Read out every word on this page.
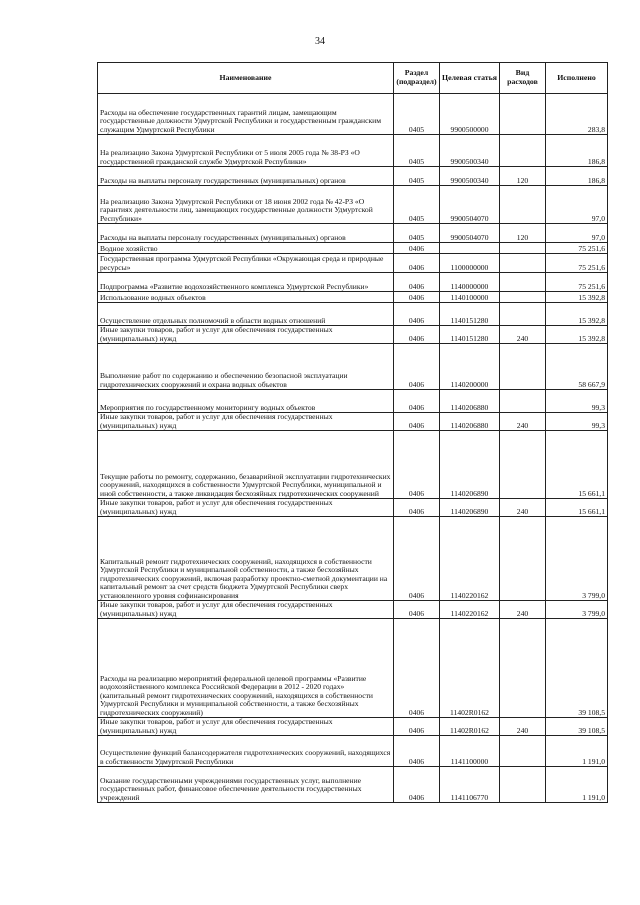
34
Наименование	Раздел (подраздел)	Целевая статья	Вид расходов	Исполнено
Расходы на обеспечение государственных гарантий лицам, замещающим государственные должности Удмуртской Республики и государственным гражданским служащим Удмуртской Республики	0405	9900500000		283,8
На реализацию Закона Удмуртской Республики от 5 июля 2005 года № 38-РЗ «О государственной гражданской службе Удмуртской Республики»	0405	9900500340		186,8
Расходы на выплаты персоналу государственных (муниципальных) органов	0405	9900500340	120	186,8
На реализацию Закона Удмуртской Республики от 18 июня 2002 года № 42-РЗ «О гарантиях деятельности лиц, замещающих государственные должности Удмуртской Республики»	0405	9900504070		97,0
Расходы на выплаты персоналу государственных (муниципальных) органов	0405	9900504070	120	97,0
Водное хозяйство	0406			75 251,6
Государственная программа Удмуртской Республики «Окружающая среда и природные ресурсы»	0406	1100000000		75 251,6
Подпрограмма «Развитие водохозяйственного комплекса Удмуртской Республики»	0406	1140000000		75 251,6
Использование водных объектов	0406	1140100000		15 392,8
Осуществление отдельных полномочий в области водных отношений	0406	1140151280		15 392,8
Иные закупки товаров, работ и услуг для обеспечения государственных (муниципальных) нужд	0406	1140151280	240	15 392,8
Выполнение работ по содержанию и обеспечению безопасной эксплуатации гидротехнических сооружений и охрана водных объектов	0406	1140200000		58 667,9
Мероприятия по государственному мониторингу водных объектов	0406	1140206880		99,3
Иные закупки товаров, работ и услуг для обеспечения государственных (муниципальных) нужд	0406	1140206880	240	99,3
Текущие работы по ремонту, содержанию, безаварийной эксплуатации гидротехнических сооружений, находящихся в собственности Удмуртской Республики, муниципальной и иной собственности, а также ликвидация бесхозяйных гидротехнических сооружений	0406	1140206890		15 661,1
Иные закупки товаров, работ и услуг для обеспечения государственных (муниципальных) нужд	0406	1140206890	240	15 661,1
Капитальный ремонт гидротехнических сооружений, находящихся в собственности Удмуртской Республики и муниципальной собственности, а также бесхозяйных гидротехнических сооружений, включая разработку проектно-сметной документации на капитальный ремонт за счет средств бюджета Удмуртской Республики сверх установленного уровня софинансирования	0406	1140220162		3 799,0
Иные закупки товаров, работ и услуг для обеспечения государственных (муниципальных) нужд	0406	1140220162	240	3 799,0
Расходы на реализацию мероприятий федеральной целевой программы «Развитие водохозяйственного комплекса Российской Федерации в 2012 - 2020 годах» (капитальный ремонт гидротехнических сооружений, находящихся в собственности Удмуртской Республики и муниципальной собственности, а также бесхозяйных гидротехнических сооружений)	0406	11402R0162		39 108,5
Иные закупки товаров, работ и услуг для обеспечения государственных (муниципальных) нужд	0406	11402R0162	240	39 108,5
Осуществление функций балансодержателя гидротехнических сооружений, находящихся в собственности Удмуртской Республики	0406	1141100000		1 191,0
Оказание государственными учреждениями государственных услуг, выполнение государственных работ, финансовое обеспечение деятельности государственных учреждений	0406	1141106770		1 191,0
